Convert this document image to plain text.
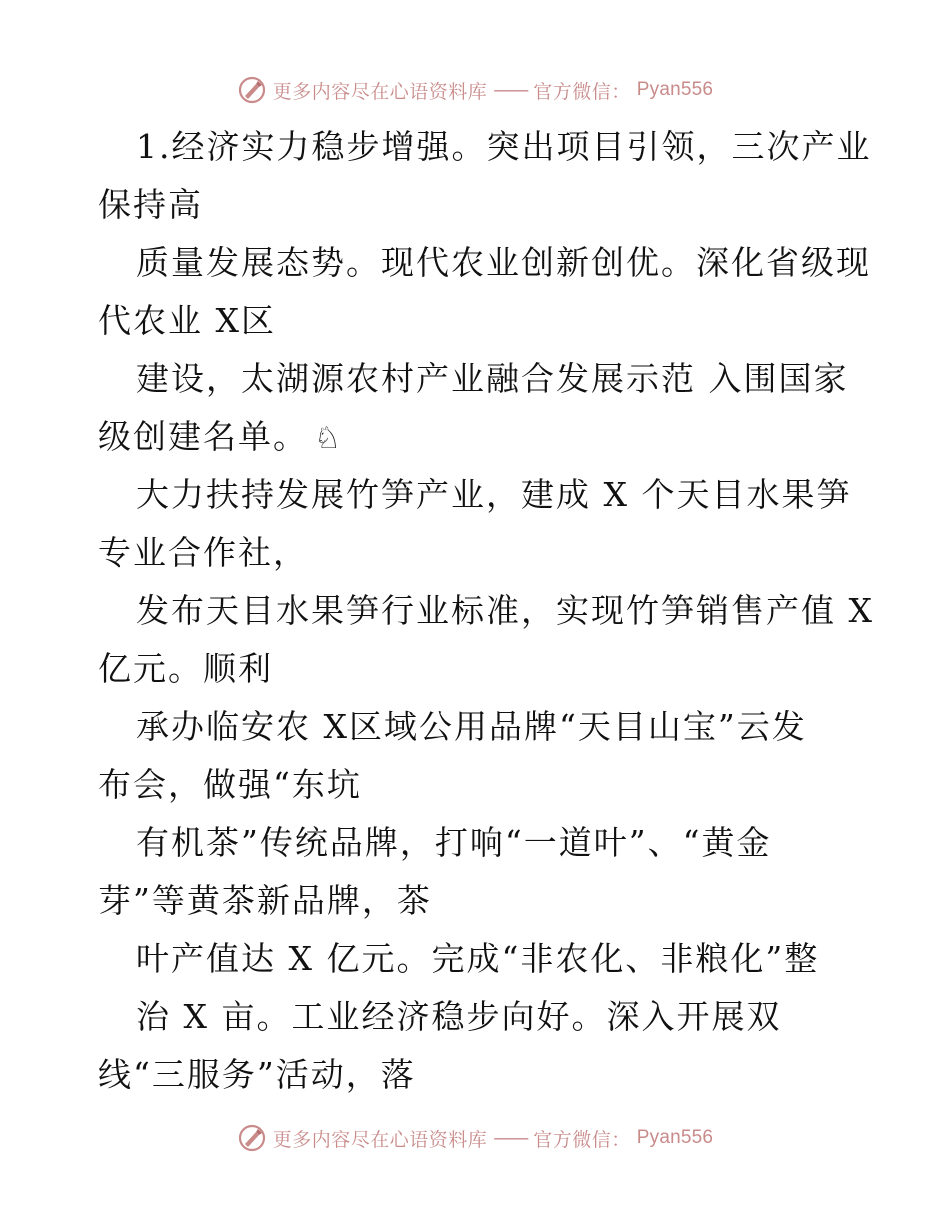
更多内容尽在心语资料库 —— 官方微信： Pyan556
1.经济实力稳步增强。突出项目引领，三次产业
保持高
质量发展态势。现代农业创新创优。深化省级现
代农业 X区
建设，太湖源农村产业融合发展示范 入围国家
级创建名单。 ♘
大力扶持发展竹笋产业，建成 X 个天目水果笋
专业合作社，
发布天目水果笋行业标准，实现竹笋销售产值 X
亿元。顺利
承办临安农 X区域公用品牌“天目山宝”云发
布会，做强“东坑
有机茶”传统品牌，打响“一道叶”、“黄金
芽”等黄茶新品牌，茶
叶产值达 X 亿元。完成“非农化、非粮化”整
治 X 亩。工业经济稳步向好。深入开展双
线“三服务”活动，落
更多内容尽在心语资料库 —— 官方微信： Pyan556
